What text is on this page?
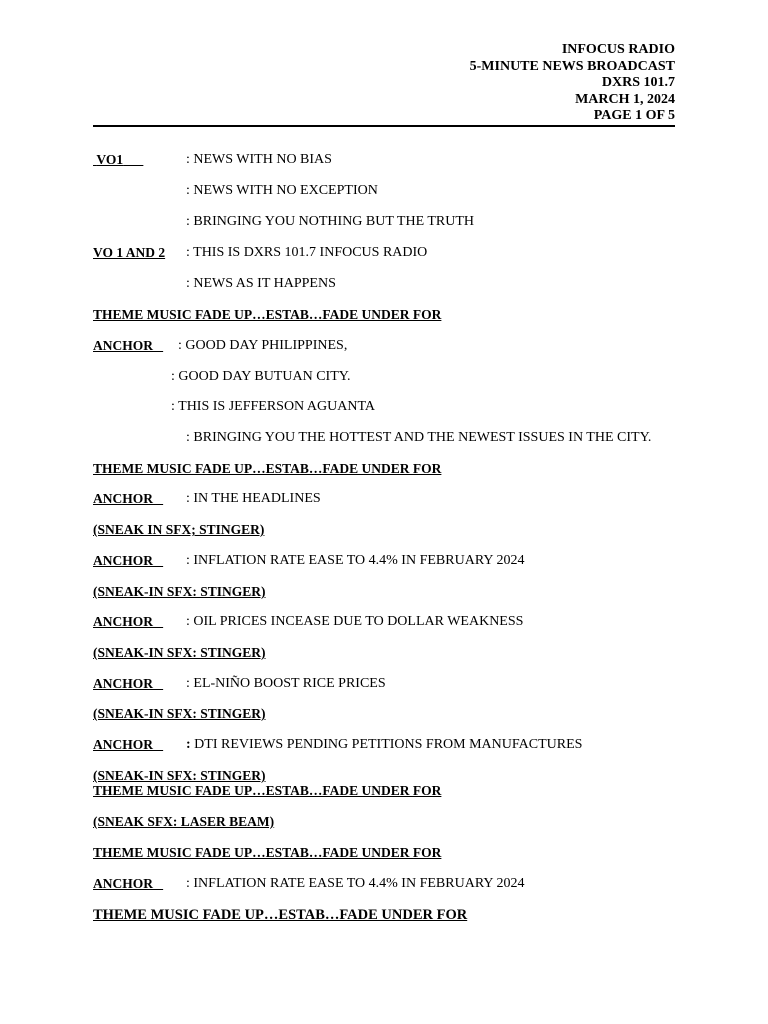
INFOCUS RADIO
5-MINUTE NEWS BROADCAST
DXRS 101.7
MARCH 1, 2024
PAGE 1 OF 5
VO1	: NEWS WITH NO BIAS
: NEWS WITH NO EXCEPTION
: BRINGING YOU NOTHING BUT THE TRUTH
VO 1 AND 2 : THIS IS DXRS 101.7 INFOCUS RADIO
: NEWS AS IT HAPPENS
THEME MUSIC FADE UP…ESTAB…FADE UNDER FOR
ANCHOR	: GOOD DAY PHILIPPINES,
: GOOD DAY BUTUAN CITY.
: THIS IS JEFFERSON AGUANTA
: BRINGING YOU THE HOTTEST AND THE NEWEST ISSUES IN THE CITY.
THEME MUSIC FADE UP…ESTAB…FADE UNDER FOR
ANCHOR	: IN THE HEADLINES
(SNEAK IN SFX; STINGER)
ANCHOR	: INFLATION RATE EASE TO 4.4% IN FEBRUARY 2024
(SNEAK-IN SFX: STINGER)
ANCHOR	: OIL PRICES INCEASE DUE TO DOLLAR WEAKNESS
(SNEAK-IN SFX: STINGER)
ANCHOR	: EL-NIÑO BOOST RICE PRICES
(SNEAK-IN SFX: STINGER)
ANCHOR	: DTI REVIEWS PENDING PETITIONS FROM MANUFACTURES
(SNEAK-IN SFX: STINGER)
THEME MUSIC FADE UP…ESTAB…FADE UNDER FOR
(SNEAK SFX: LASER BEAM)
THEME MUSIC FADE UP…ESTAB…FADE UNDER FOR
ANCHOR	: INFLATION RATE EASE TO 4.4% IN FEBRUARY 2024
THEME MUSIC FADE UP…ESTAB…FADE UNDER FOR
